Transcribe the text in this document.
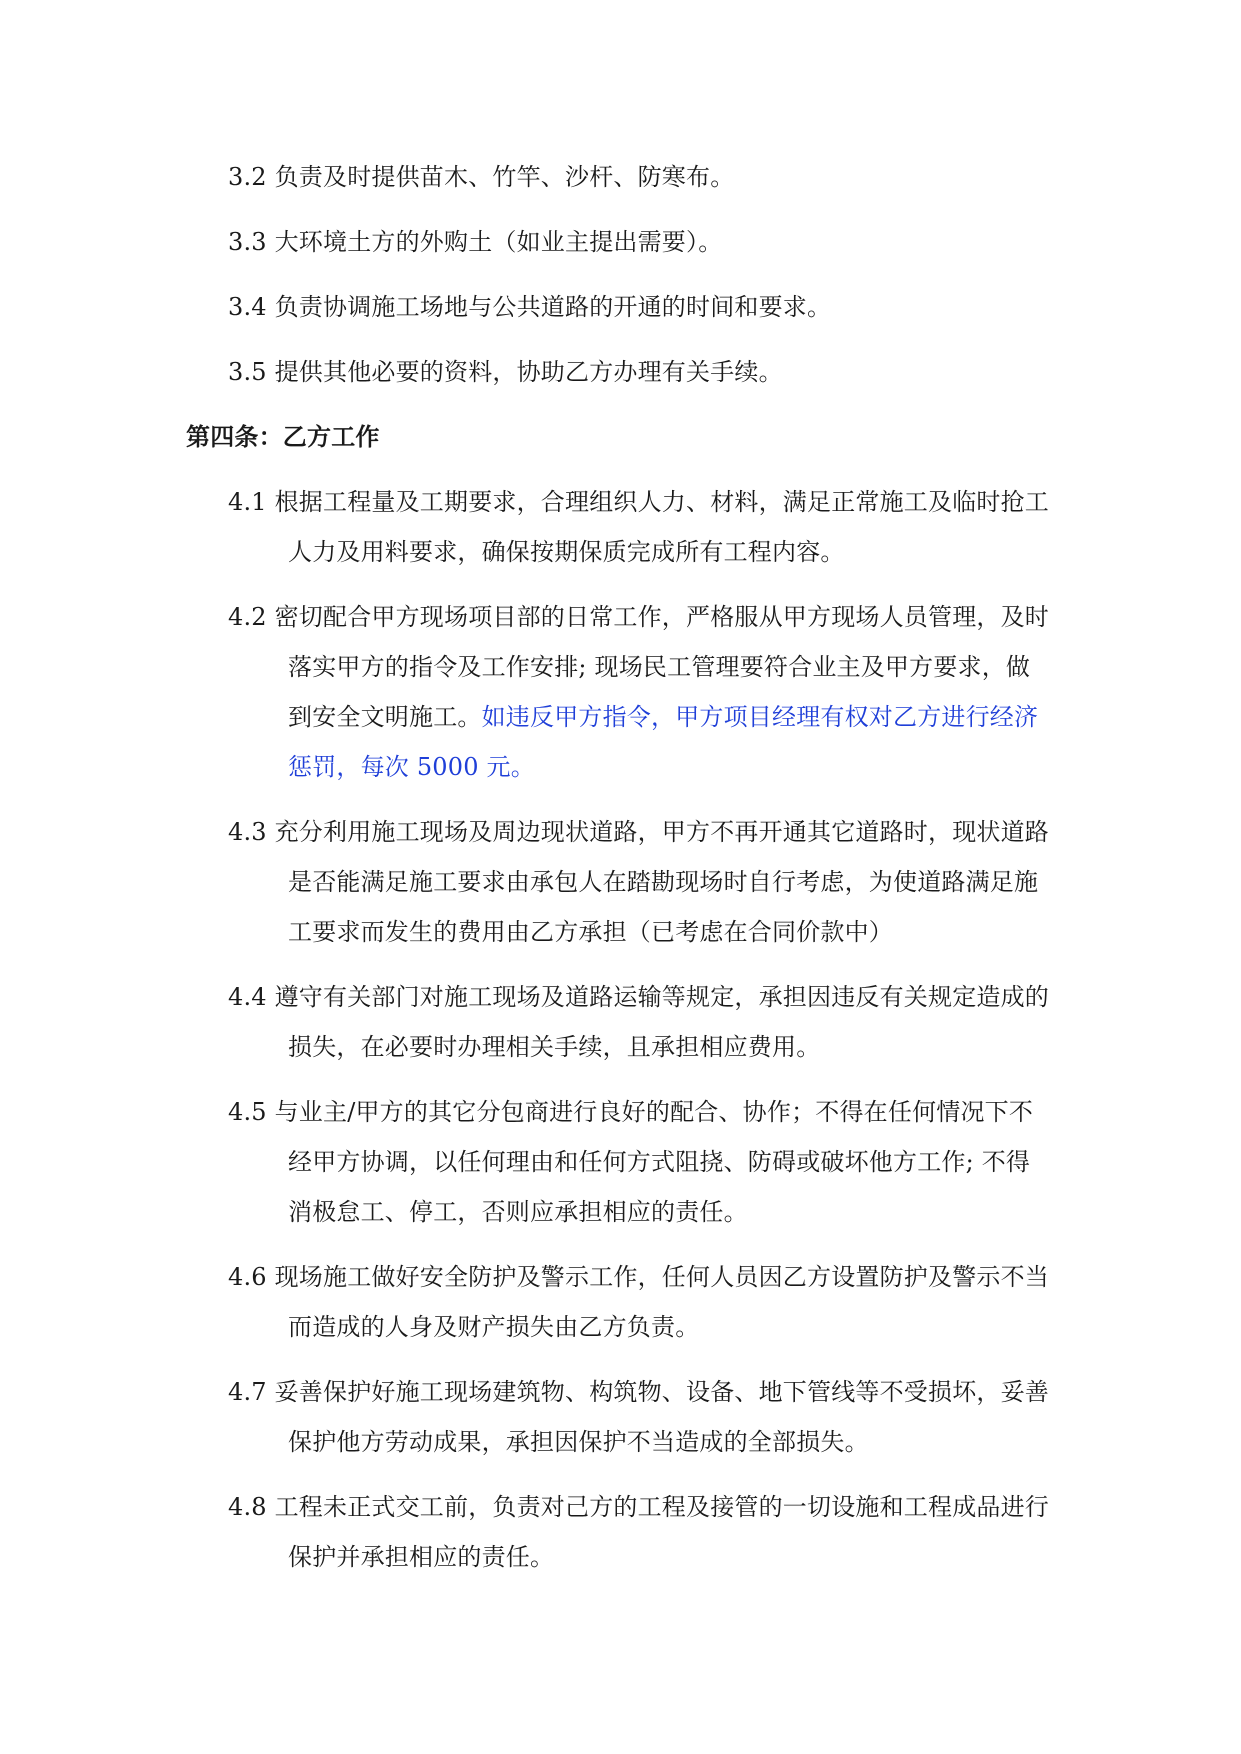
3.2 负责及时提供苗木、竹竿、沙杆、防寒布。
3.3 大环境土方的外购土（如业主提出需要）。
3.4 负责协调施工场地与公共道路的开通的时间和要求。
3.5 提供其他必要的资料，协助乙方办理有关手续。
第四条：乙方工作
4.1 根据工程量及工期要求，合理组织人力、材料，满足正常施工及临时抢工
人力及用料要求，确保按期保质完成所有工程内容。
4.2 密切配合甲方现场项目部的日常工作，严格服从甲方现场人员管理，及时
落实甲方的指令及工作安排; 现场民工管理要符合业主及甲方要求，做
到安全文明施工。如违反甲方指令，甲方项目经理有权对乙方进行经济
惩罚，每次 5000 元。
4.3 充分利用施工现场及周边现状道路，甲方不再开通其它道路时，现状道路
是否能满足施工要求由承包人在踏勘现场时自行考虑，为使道路满足施
工要求而发生的费用由乙方承担（已考虑在合同价款中）
4.4 遵守有关部门对施工现场及道路运输等规定，承担因违反有关规定造成的
损失，在必要时办理相关手续，且承担相应费用。
4.5 与业主/甲方的其它分包商进行良好的配合、协作；不得在任何情况下不
经甲方协调，以任何理由和任何方式阻挠、防碍或破坏他方工作; 不得
消极怠工、停工，否则应承担相应的责任。
4.6 现场施工做好安全防护及警示工作，任何人员因乙方设置防护及警示不当
而造成的人身及财产损失由乙方负责。
4.7 妥善保护好施工现场建筑物、构筑物、设备、地下管线等不受损坏，妥善
保护他方劳动成果，承担因保护不当造成的全部损失。
4.8 工程未正式交工前，负责对己方的工程及接管的一切设施和工程成品进行
保护并承担相应的责任。
